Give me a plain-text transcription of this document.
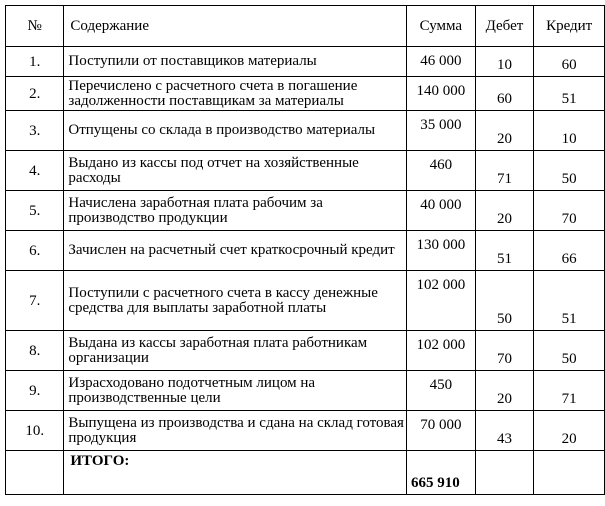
№	Содержание	Сумма	Дебет	Кредит
1.	Поступили от поставщиков материалы	46 000	10	60
2.	Перечислено с расчетного счета в погашение задолженности поставщикам за материалы	140 000	60	51
3.	Отпущены со склада в производство материалы	35 000	20	10
4.	Выдано из кассы под отчет на хозяйственные расходы	460	71	50
5.	Начислена заработная плата рабочим за производство продукции	40 000	20	70
6.	Зачислен на расчетный счет краткосрочный кредит	130 000	51	66
7.	Поступили с расчетного счета в кассу денежные средства для выплаты заработной платы	102 000	50	51
8.	Выдана из кассы заработная плата работникам организации	102 000	70	50
9.	Израсходовано подотчетным лицом на производственные цели	450	20	71
10.	Выпущена из производства и сдана на склад готовая продукция	70 000	43	20
	ИТОГО:	665 910		
